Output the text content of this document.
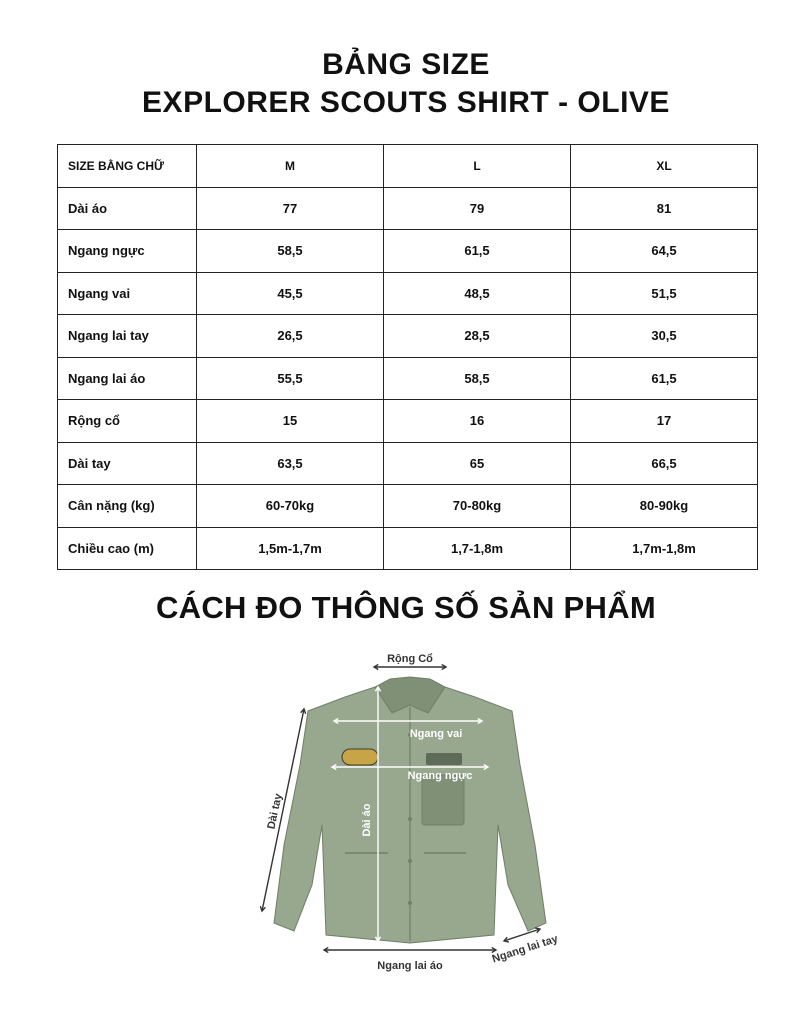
BẢNG SIZE
EXPLORER SCOUTS SHIRT - OLIVE
SIZE BẰNG CHỮ	M	L	XL
Dài áo	77	79	81
Ngang ngực	58,5	61,5	64,5
Ngang vai	45,5	48,5	51,5
Ngang lai tay	26,5	28,5	30,5
Ngang lai áo	55,5	58,5	61,5
Rộng cổ	15	16	17
Dài tay	63,5	65	66,5
Cân nặng (kg)	60-70kg	70-80kg	80-90kg
Chiều cao (m)	1,5m-1,7m	1,7-1,8m	1,7m-1,8m
CÁCH ĐO THÔNG SỐ SẢN PHẨM
Rộng Cổ
Ngang vai
Ngang ngực
Dài áo
Dài tay
Ngang lai áo
Ngang lai tay
